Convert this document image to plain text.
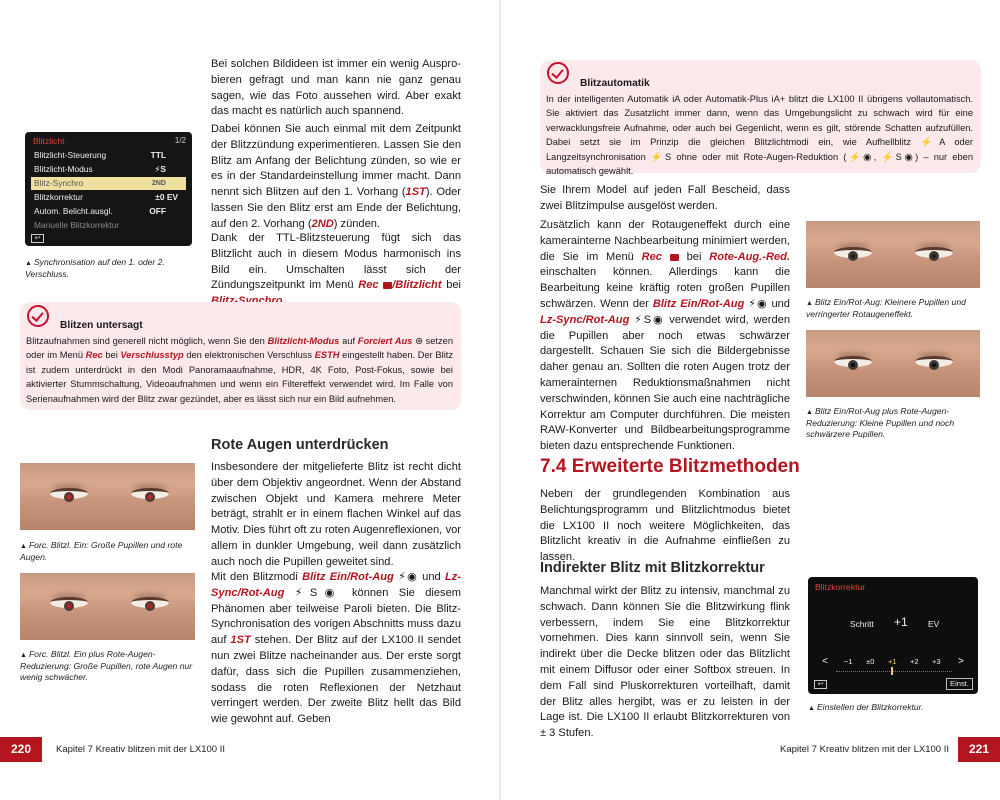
Bei solchen Bildideen ist immer ein wenig Ausprobieren gefragt und man kann nie ganz genau sagen, wie das Foto aussehen wird. Aber exakt das macht es natürlich auch spannend.
Dabei können Sie auch einmal mit dem Zeitpunkt der Blitzzündung experimentieren. Lassen Sie den Blitz am Anfang der Belichtung zünden, so wie er es in der Standardeinstellung immer macht. Dann nennt sich Blitzen auf den 1. Vorhang (1ST). Oder lassen Sie den Blitz erst am Ende der Belichtung, auf den 2. Vorhang (2ND) zünden.
Dank der TTL-Blitzsteuerung fügt sich das Blitzlicht auch in diesem Modus harmonisch ins Bild ein. Umschalten lässt sich der Zündungszeitpunkt im Menü Rec /Blitzlicht bei
Blitzlicht	1/2
Blitzlicht-Steuerung	TTL
Blitzlicht-Modus	⚡S
Blitz-Synchro	2ND
Blitzkorrektur	±0 EV
Autom. Belicht.ausgl.	OFF
Manuelle Blitzkorrektur
↩
▲ Synchronisation auf den 1. oder 2. Verschluss.
Blitzen untersagt
Blitzaufnahmen sind generell nicht möglich, wenn Sie den Blitzlicht-Modus auf Forciert Aus ⊛ setzen oder im Menü Rec bei Verschlusstyp den elektronischen Verschluss ESTH eingestellt haben. Der Blitz ist zudem unterdrückt in den Modi Panoramaaufnahme, HDR, 4K Foto, Post-Fokus, sowie bei aktivierter Stummschaltung, Videoaufnahmen und wenn ein Filtereffekt verwendet wird. Im Falle von Serienaufnahmen wird der Blitz zwar gezündet, aber es lässt sich nur ein Bild aufnehmen.
Rote Augen unterdrücken
Insbesondere der mitgelieferte Blitz ist recht dicht über dem Objektiv angeordnet. Wenn der Abstand zwischen Objekt und Kamera mehrere Meter beträgt, strahlt er in einem flachen Winkel auf das Motiv. Dies führt oft zu roten Augenreflexionen, vor allem in dunkler Umgebung, weil dann zusätzlich auch noch die Pupillen geweitet sind.
Mit den Blitzmodi Blitz Ein/Rot-Aug ⚡◉ und Lz-Sync/Rot-Aug ⚡S◉ können Sie diesem Phänomen aber teilweise Paroli bieten. Die Blitz-Synchronisation des vorigen Abschnitts muss dazu auf 1ST stehen. Der Blitz auf der LX100 II sendet nun zwei Blitze nacheinander aus. Der erste sorgt dafür, dass sich die Pupillen zusammenziehen, sodass die roten Reflexionen der Netzhaut verringert werden. Der zweite Blitz hellt das Bild wie gewohnt auf. Geben
▲ Forc. Blitzl. Ein: Große Pupillen und rote Augen.
▲ Forc. Blitzl. Ein plus Rote-Augen-Reduzierung: Große Pupillen, rote Augen nur wenig schwächer.
220	Kapitel 7 Kreativ blitzen mit der LX100 II
Blitzautomatik
In der intelligenten Automatik iA oder Automatik-Plus iA+ blitzt die LX100 II übrigens vollautomatisch. Sie aktiviert das Zusatzlicht immer dann, wenn das Umgebungslicht zu schwach wird für eine verwacklungsfreie Aufnahme, oder auch bei Gegenlicht, wenn es gilt, störende Schatten aufzufüllen. Dabei setzt sie im Prinzip die gleichen Blitzlichtmodi ein, wie Aufhellblitz ⚡A oder Langzeitsynchronisation ⚡S ohne oder mit Rote-Augen-Reduktion (⚡◉, ⚡S◉) – nur eben automatisch gewählt.
Sie Ihrem Model auf jeden Fall Bescheid, dass zwei Blitzimpulse ausgelöst werden.
Zusätzlich kann der Rotaugeneffekt durch eine kamerainterne Nachbearbeitung minimiert werden, die Sie im Menü Rec  bei Rote-Aug.-Red. einschalten können. Allerdings kann die Bearbeitung keine kräftig roten großen Pupillen schwärzen. Wenn der Blitz Ein/Rot-Aug ⚡◉ und Lz-Sync/Rot-Aug ⚡S◉ verwendet wird, werden die Pupillen aber noch etwas schwärzer dargestellt. Schauen Sie sich die Bildergebnisse daher genau an. Sollten die roten Augen trotz der kamerainternen Reduktionsmaßnahmen nicht verschwinden, können Sie auch eine nachträgliche Korrektur am Computer durchführen. Die meisten RAW-Konverter und Bildbearbeitungsprogramme bieten dazu entsprechende Funktionen.
▲ Blitz Ein/Rot-Aug: Kleinere Pupillen und verringerter Rotaugeneffekt.
▲ Blitz Ein/Rot-Aug plus Rote-Augen-Reduzierung: Kleine Pupillen und noch schwärzere Pupillen.
7.4 Erweiterte Blitzmethoden
Neben der grundlegenden Kombination aus Belichtungsprogramm und Blitzlichtmodus bietet die LX100 II noch weitere Möglichkeiten, das Blitzlicht kreativ in die Aufnahme einfließen zu lassen.
Indirekter Blitz mit Blitzkorrektur
Manchmal wirkt der Blitz zu intensiv, manchmal zu schwach. Dann können Sie die Blitzwirkung flink verbessern, indem Sie eine Blitzkorrektur vornehmen. Dies kann sinnvoll sein, wenn Sie indirekt über die Decke blitzen oder das Blitzlicht mit einem Diffusor oder einer Softbox streuen. In dem Fall sind Pluskorrekturen vorteilhaft, damit der Blitz alles hergibt, was er zu leisten in der Lage ist. Die LX100 II erlaubt Blitzkorrekturen von ± 3 Stufen.
Blitzkorrektur
Schritt +1 EV
< −1 ±0 +1 +2 +3 >
↩	Einst.
▲ Einstellen der Blitzkorrektur.
Kapitel 7 Kreativ blitzen mit der LX100 II	221
